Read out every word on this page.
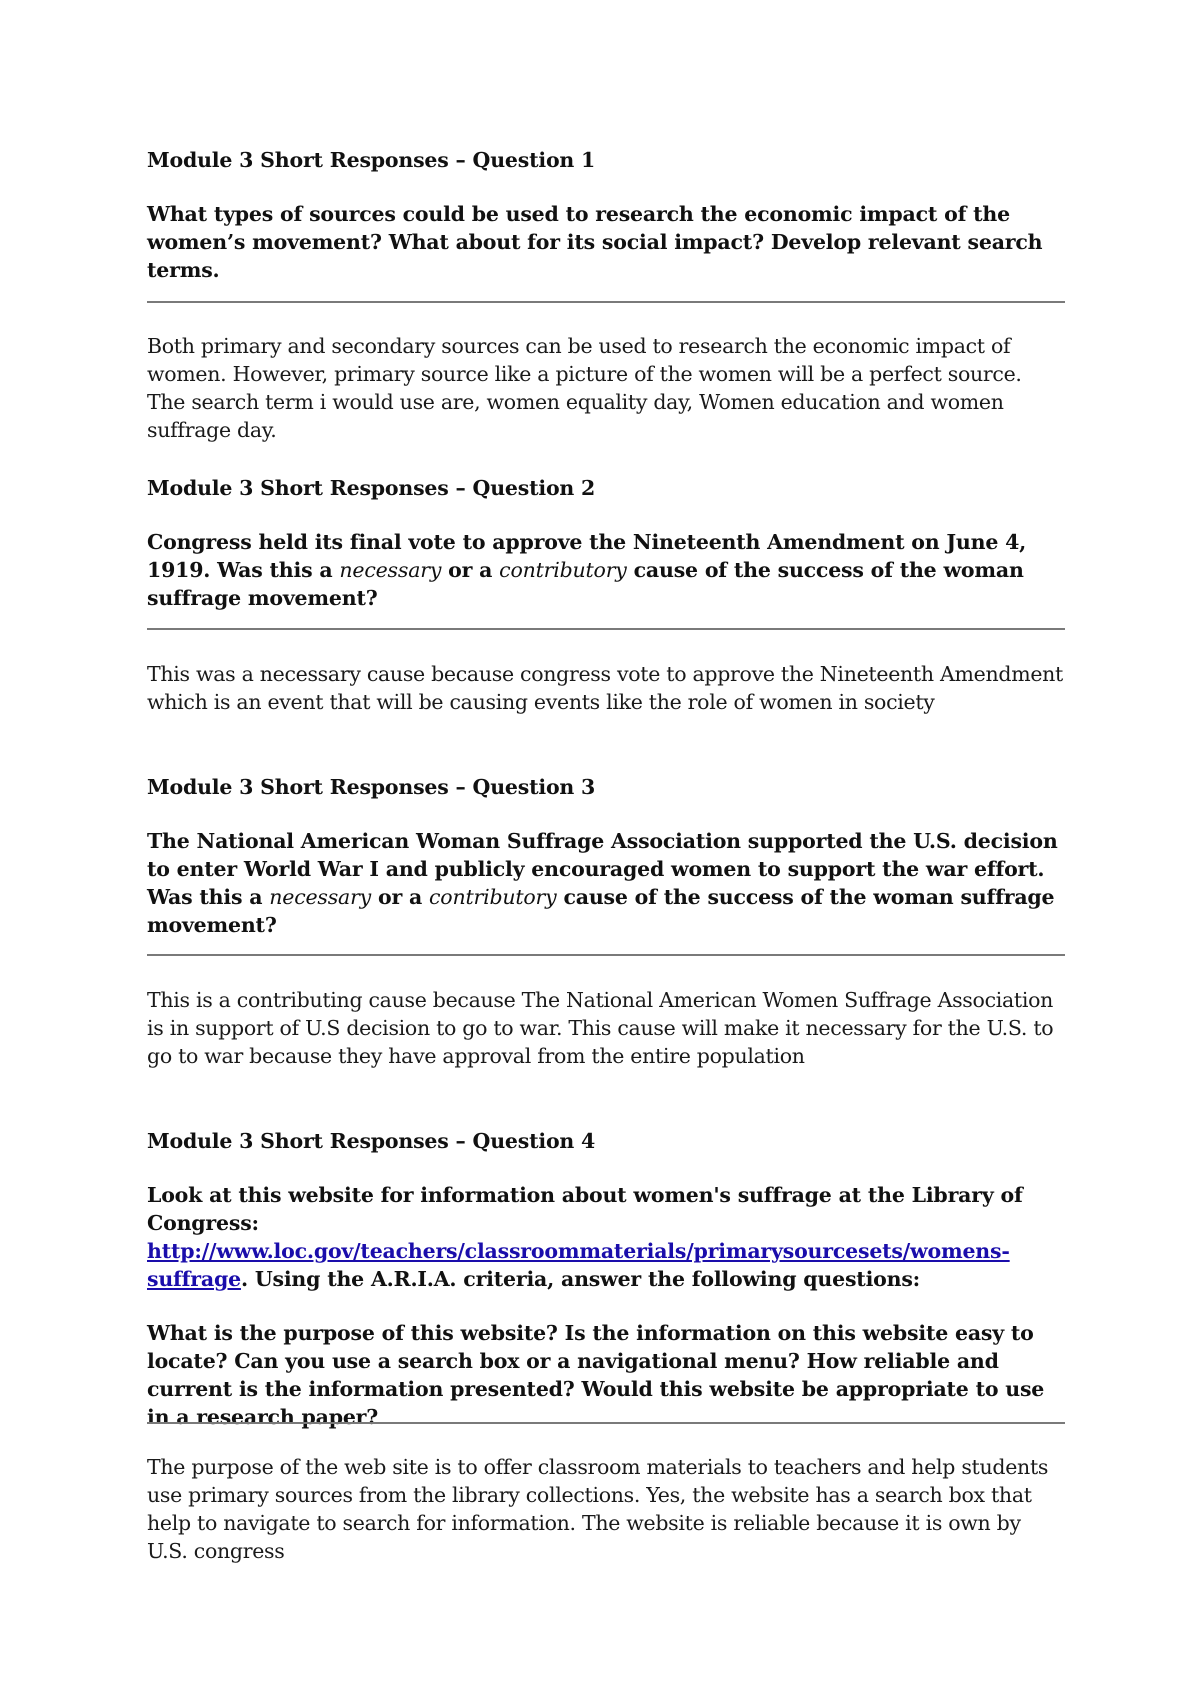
Module 3 Short Responses – Question 1

What types of sources could be used to research the economic impact of the women’s movement? What about for its social impact? Develop relevant search terms.

Both primary and secondary sources can be used to research the economic impact of women. However, primary source like a picture of the women will be a perfect source. The search term i would use are, women equality day, Women education and women suffrage day.

Module 3 Short Responses – Question 2

Congress held its final vote to approve the Nineteenth Amendment on June 4, 1919. Was this a necessary or a contributory cause of the success of the woman suffrage movement?

This was a necessary cause because congress vote to approve the Nineteenth Amendment which is an event that will be causing events like the role of women in society

Module 3 Short Responses – Question 3

The National American Woman Suffrage Association supported the U.S. decision to enter World War I and publicly encouraged women to support the war effort. Was this a necessary or a contributory cause of the success of the woman suffrage movement?

This is a contributing cause because The National American Women Suffrage Association is in support of U.S decision to go to war. This cause will make it necessary for the U.S. to go to war because they have approval from the entire population

Module 3 Short Responses – Question 4

Look at this website for information about women's suffrage at the Library of Congress: http://www.loc.gov/teachers/classroommaterials/primarysourcesets/womens-suffrage. Using the A.R.I.A. criteria, answer the following questions:

What is the purpose of this website? Is the information on this website easy to locate? Can you use a search box or a navigational menu? How reliable and current is the information presented? Would this website be appropriate to use in a research paper?

The purpose of the web site is to offer classroom materials to teachers and help students use primary sources from the library collections. Yes, the website has a search box that help to navigate to search for information. The website is reliable because it is own by U.S. congress
